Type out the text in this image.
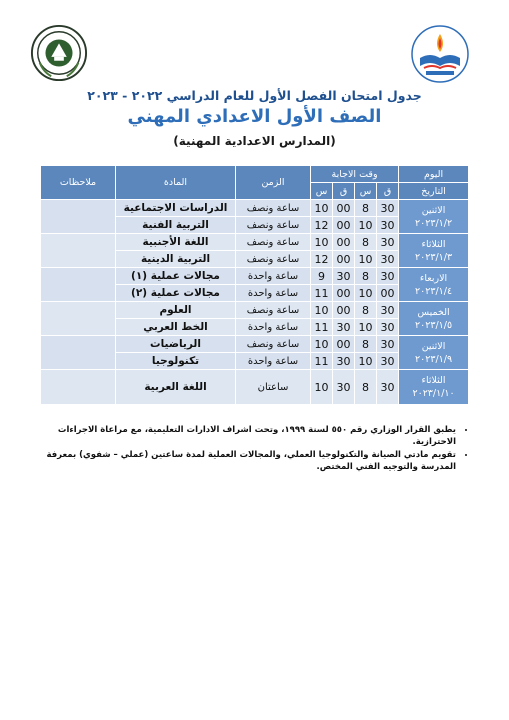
جدول امتحان الفصل الأول للعام الدراسي ٢٠٢٢ - ٢٠٢٣
الصف الأول الاعدادي المهني
(المدارس الاعدادية المهنية)
اليوم	وقت الاجابة				الزمن	المادة	ملاحظات
التاريخ	ق	س	ق	س			

الاثنين
٢٠٢٣/١/٢	30	8	00	10	ساعة ونصف	الدراسات الاجتماعية	
	30	10	00	12	ساعة ونصف	التربية الفنية	

الثلاثاء
٢٠٢٣/١/٣	30	8	00	10	ساعة ونصف	اللغة الأجنبية	
	30	10	00	12	ساعة ونصف	التربية الدينية	

الاربعاء
٢٠٢٣/١/٤	30	8	30	9	ساعة واحدة	مجالات عملية (١)	
	00	10	00	11	ساعة واحدة	مجالات عملية (٢)	

الخميس
٢٠٢٣/١/٥	30	8	00	10	ساعة ونصف	العلوم	
	30	10	30	11	ساعة واحدة	الخط العربي	

الاثنين
٢٠٢٣/١/٩	30	8	00	10	ساعة ونصف	الرياضيات	
	30	10	30	11	ساعة واحدة	تكنولوجيا	

الثلاثاء
٢٠٢٣/١/١٠	30	8	30	10	ساعتان	اللغة العربية	
• يطبق القرار الوزاري رقم ٥٥٠ لسنة ١٩٩٩، وتحت اشراف الادارات التعليمية، مع مراعاة الاجراءات الاحترازية.
• تقويم مادتي الصيانة والتكنولوجيا العملي، والمجالات العملية لمدة ساعتين (عملي – شفوي) بمعرفة المدرسة والتوجيه الفني المختص.
